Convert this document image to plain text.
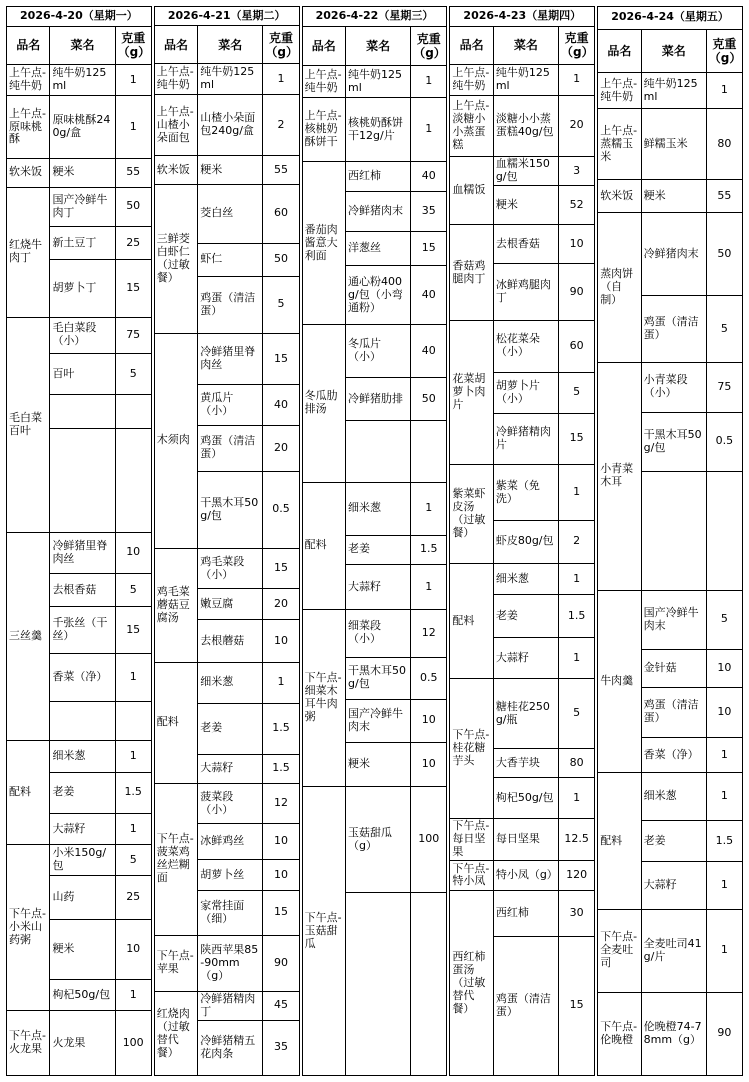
2026-4-20（星期一）		
品名	菜名	克重（g）
上午点-纯牛奶	纯牛奶125ml	1
上午点-原味桃酥	原味桃酥240g/盒	1
软米饭	粳米	55
红烧牛肉丁	国产冷鲜牛肉丁	50
	新土豆丁	25
	胡萝卜丁	15
毛白菜百叶	毛白菜段（小）	75
	百叶	5

三丝羹	冷鲜猪里脊肉丝	10
	去根香菇	5
	千张丝（干丝）	15
	香菜（净）	1

配料	细米葱	1
	老姜	1.5
	大蒜籽	1
下午点-小米山药粥	小米150g/包	5
	山药	25
	粳米	10
	枸杞50g/包	1
下午点-火龙果	火龙果	100
2026-4-21（星期二）		
品名	菜名	克重（g）
上午点-纯牛奶	纯牛奶125ml	1
上午点-山楂小朵面包	山楂小朵面包240g/盒	2
软米饭	粳米	55
三鲜茭白虾仁（过敏餐）	茭白丝	60
	虾仁	50
	鸡蛋（清洁蛋）	5
木须肉	冷鲜猪里脊肉丝	15
	黄瓜片（小）	40
	鸡蛋（清洁蛋）	20
	干黑木耳50g/包	0.5
鸡毛菜蘑菇豆腐汤	鸡毛菜段（小）	15
	嫩豆腐	20
	去根蘑菇	10
配料	细米葱	1
	老姜	1.5
	大蒜籽	1.5
下午点-菠菜鸡丝烂糊面	菠菜段（小）	12
	冰鲜鸡丝	10
	胡萝卜丝	10
	家常挂面（细）	15
下午点-苹果	陕西苹果85-90mm（g）	90
红烧肉（过敏替代餐）	冷鲜猪精肉丁	45
	冷鲜猪精五花肉条	35
2026-4-22（星期三）		
品名	菜名	克重（g）
上午点-纯牛奶	纯牛奶125ml	1
上午点-核桃奶酥饼干	核桃奶酥饼干12g/片	1
番茄肉酱意大利面	西红柿	40
	冷鲜猪肉末	35
	洋葱丝	15
	通心粉400g/包（小弯通粉）	40
冬瓜肋排汤	冬瓜片（小）	40
	冷鲜猪肋排	50

配料	细米葱	1
	老姜	1.5
	大蒜籽	1
下午点-细菜木耳牛肉粥	细菜段（小）	12
	干黑木耳50g/包	0.5
	国产冷鲜牛肉末	10
	粳米	10
下午点-玉菇甜瓜	玉菇甜瓜（g）	100

2026-4-23（星期四）		
品名	菜名	克重（g）
上午点-纯牛奶	纯牛奶125ml	1
上午点-淡糖小小蒸蛋糕	淡糖小小蒸蛋糕40g/包	20
血糯饭	血糯米150g/包	3
	粳米	52
香菇鸡腿肉丁	去根香菇	10
	冰鲜鸡腿肉丁	90
花菜胡萝卜肉片	松花菜朵（小）	60
	胡萝卜片（小）	5
	冷鲜猪精肉片	15
紫菜虾皮汤（过敏餐）	紫菜（免洗）	1
	虾皮80g/包	2
配料	细米葱	1
	老姜	1.5
	大蒜籽	1
下午点-桂花糖芋头	糖桂花250g/瓶	5
	大香芋块	80
	枸杞50g/包	1
下午点-每日坚果	每日坚果	12.5
下午点-特小凤	特小凤（g）	120
西红柿蛋汤（过敏替代餐）	西红柿	30
	鸡蛋（清洁蛋）	15
2026-4-24（星期五）		
品名	菜名	克重（g）
上午点-纯牛奶	纯牛奶125ml	1
上午点-蒸糯玉米	鲜糯玉米	80
软米饭	粳米	55
蒸肉饼（自制）	冷鲜猪肉末	50
	鸡蛋（清洁蛋）	5
小青菜木耳	小青菜段（小）	75
	干黑木耳50g/包	0.5

牛肉羹	国产冷鲜牛肉末	5
	金针菇	10
	鸡蛋（清洁蛋）	10
	香菜（净）	1
配料	细米葱	1
	老姜	1.5
	大蒜籽	1
下午点-全麦吐司	全麦吐司41g/片	1
下午点-伦晚橙	伦晚橙74-78mm（g）	90
